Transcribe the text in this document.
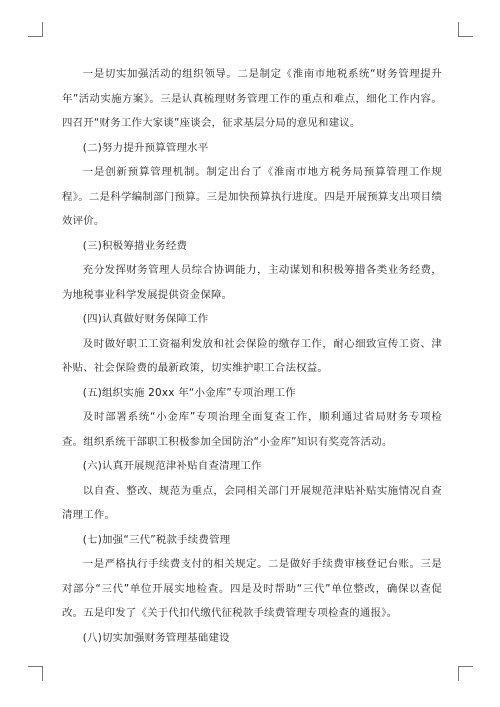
一是切实加强活动的组织领导。二是制定《淮南市地税系统“财务管理提升年”活动实施方案》。三是认真梳理财务管理工作的重点和难点，细化工作内容。四召开“财务工作大家谈”座谈会，征求基层分局的意见和建议。

(二)努力提升预算管理水平

一是创新预算管理机制。制定出台了《淮南市地方税务局预算管理工作规程》。二是科学编制部门预算。三是加快预算执行进度。四是开展预算支出项目绩效评价。

(三)积极筹措业务经费

充分发挥财务管理人员综合协调能力，主动谋划和积极筹措各类业务经费，为地税事业科学发展提供资金保障。

(四)认真做好财务保障工作

及时做好职工工资福利发放和社会保险的缴存工作，耐心细致宣传工资、津补贴、社会保险费的最新政策，切实维护职工合法权益。

(五)组织实施 20xx 年“小金库”专项治理工作

及时部署系统“小金库”专项治理全面复查工作，顺利通过省局财务专项检查。组织系统干部职工积极参加全国防治“小金库”知识有奖竞答活动。

(六)认真开展规范津补贴自查清理工作

以自查、整改、规范为重点，会同相关部门开展规范津贴补贴实施情况自查清理工作。

(七)加强“三代”税款手续费管理

一是严格执行手续费支付的相关规定。二是做好手续费审核登记台账。三是对部分“三代”单位开展实地检查。四是及时帮助“三代”单位整改，确保以查促改。五是印发了《关于代扣代缴代征税款手续费管理专项检查的通报》。

(八)切实加强财务管理基础建设
